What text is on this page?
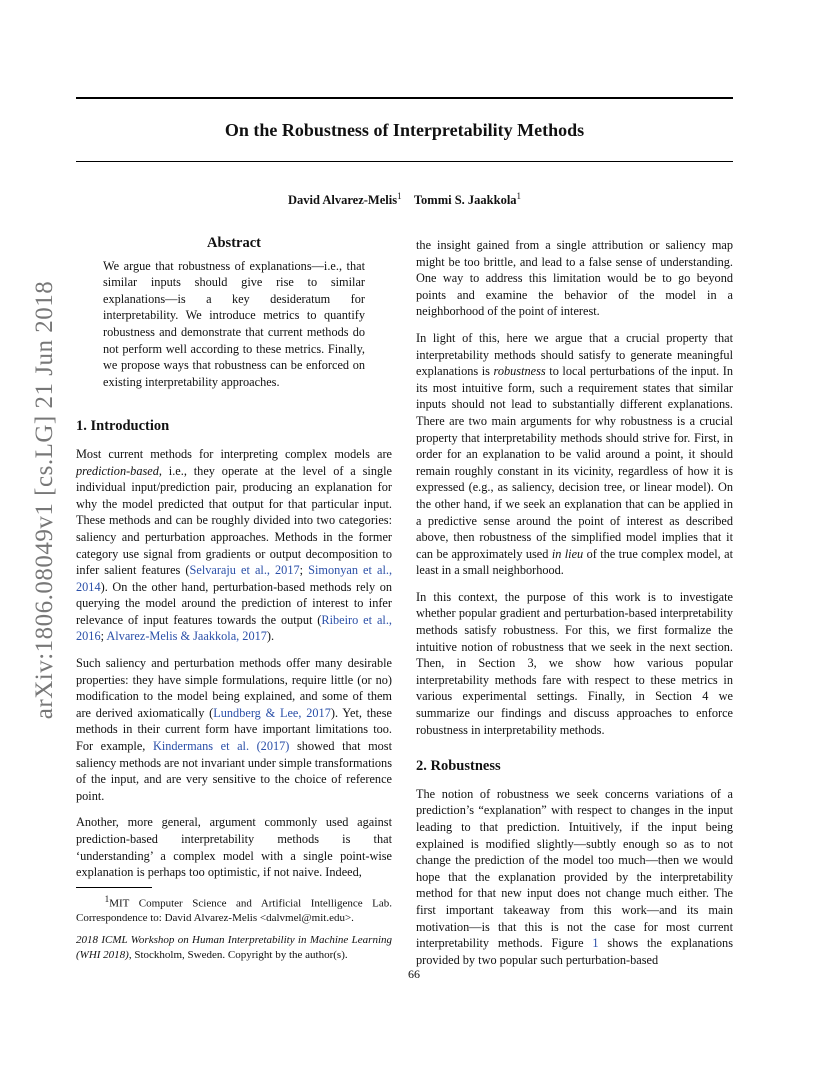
arXiv:1806.08049v1 [cs.LG] 21 Jun 2018
On the Robustness of Interpretability Methods
David Alvarez-Melis$^1$ Tommi S. Jaakkola$^1$
Abstract

We argue that robustness of explanations—i.e., that similar inputs should give rise to similar explanations—is a key desideratum for interpretability. We introduce metrics to quantify robustness and demonstrate that current methods do not perform well according to these metrics. Finally, we propose ways that robustness can be enforced on existing interpretability approaches.

1. Introduction

Most current methods for interpreting complex models are prediction-based, i.e., they operate at the level of a single individual input/prediction pair, producing an explanation for why the model predicted that output for that particular input. These methods and can be roughly divided into two categories: saliency and perturbation approaches. Methods in the former category use signal from gradients or output decomposition to infer salient features (Selvaraju et al., 2017; Simonyan et al., 2014). On the other hand, perturbation-based methods rely on querying the model around the prediction of interest to infer relevance of input features towards the output (Ribeiro et al., 2016; Alvarez-Melis & Jaakkola, 2017).

Such saliency and perturbation methods offer many desirable properties: they have simple formulations, require little (or no) modification to the model being explained, and some of them are derived axiomatically (Lundberg & Lee, 2017). Yet, these methods in their current form have important limitations too. For example, Kindermans et al. (2017) showed that most saliency methods are not invariant under simple transformations of the input, and are very sensitive to the choice of reference point.

Another, more general, argument commonly used against prediction-based interpretability methods is that ‘understanding’ a complex model with a single point-wise explanation is perhaps too optimistic, if not naive. Indeed,

$^1$MIT Computer Science and Artificial Intelligence Lab. Correspondence to: David Alvarez-Melis <dalvmel@mit.edu>.

2018 ICML Workshop on Human Interpretability in Machine Learning (WHI 2018), Stockholm, Sweden. Copyright by the author(s).

the insight gained from a single attribution or saliency map might be too brittle, and lead to a false sense of understanding. One way to address this limitation would be to go beyond points and examine the behavior of the model in a neighborhood of the point of interest.

In light of this, here we argue that a crucial property that interpretability methods should satisfy to generate meaningful explanations is robustness to local perturbations of the input. In its most intuitive form, such a requirement states that similar inputs should not lead to substantially different explanations. There are two main arguments for why robustness is a crucial property that interpretability methods should strive for. First, in order for an explanation to be valid around a point, it should remain roughly constant in its vicinity, regardless of how it is expressed (e.g., as saliency, decision tree, or linear model). On the other hand, if we seek an explanation that can be applied in a predictive sense around the point of interest as described above, then robustness of the simplified model implies that it can be approximately used in lieu of the true complex model, at least in a small neighborhood.

In this context, the purpose of this work is to investigate whether popular gradient and perturbation-based interpretability methods satisfy robustness. For this, we first formalize the intuitive notion of robustness that we seek in the next section. Then, in Section 3, we show how various popular interpretability methods fare with respect to these metrics in various experimental settings. Finally, in Section 4 we summarize our findings and discuss approaches to enforce robustness in interpretability methods.

2. Robustness

The notion of robustness we seek concerns variations of a prediction’s “explanation” with respect to changes in the input leading to that prediction. Intuitively, if the input being explained is modified slightly—subtly enough so as to not change the prediction of the model too much—then we would hope that the explanation provided by the interpretability method for that new input does not change much either. The first important takeaway from this work—and its main motivation—is that this is not the case for most current interpretability methods. Figure 1 shows the explanations provided by two popular such perturbation-based

66
